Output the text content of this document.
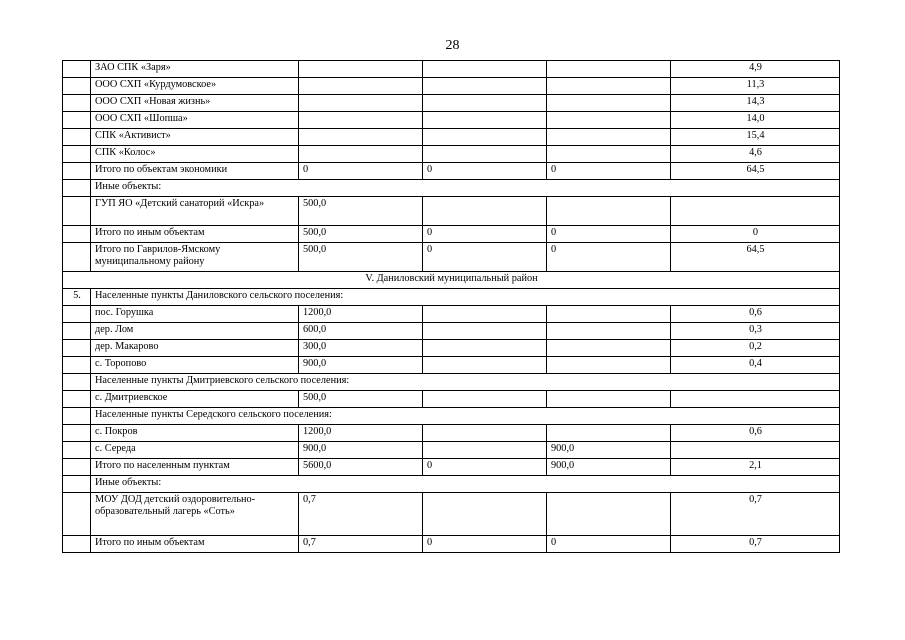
28
	ЗАО СПК «Заря»				4,9
	ООО СХП «Курдумовское»				11,3
	ООО СХП «Новая жизнь»				14,3
	ООО СХП «Шопша»				14,0
	СПК «Активист»				15,4
	СПК «Колос»				4,6
	Итого по объектам экономики	0	0	0	64,5
	Иные объекты:				
	ГУП ЯО «Детский санаторий «Искра»	500,0			
	Итого по иным объектам	500,0	0	0	0
	Итого по Гаврилов-Ямскому муниципальному району	500,0	0	0	64,5
V. Даниловский муниципальный район					
5.	Населенные пункты Даниловского сельского поселения:				
	пос. Горушка	1200,0			0,6
	дер. Лом	600,0			0,3
	дер. Макарово	300,0			0,2
	с. Торопово	900,0			0,4
	Населенные пункты Дмитриевского сельского поселения:				
	с. Дмитриевское	500,0			
	Населенные пункты Середского сельского поселения:				
	с. Покров	1200,0			0,6
	с. Середа	900,0		900,0	
	Итого по населенным пунктам	5600,0	0	900,0	2,1
	Иные объекты:				
	МОУ ДОД детский оздоровительно-образовательный лагерь «Соть»	0,7			0,7
	Итого по иным объектам	0,7	0	0	0,7
